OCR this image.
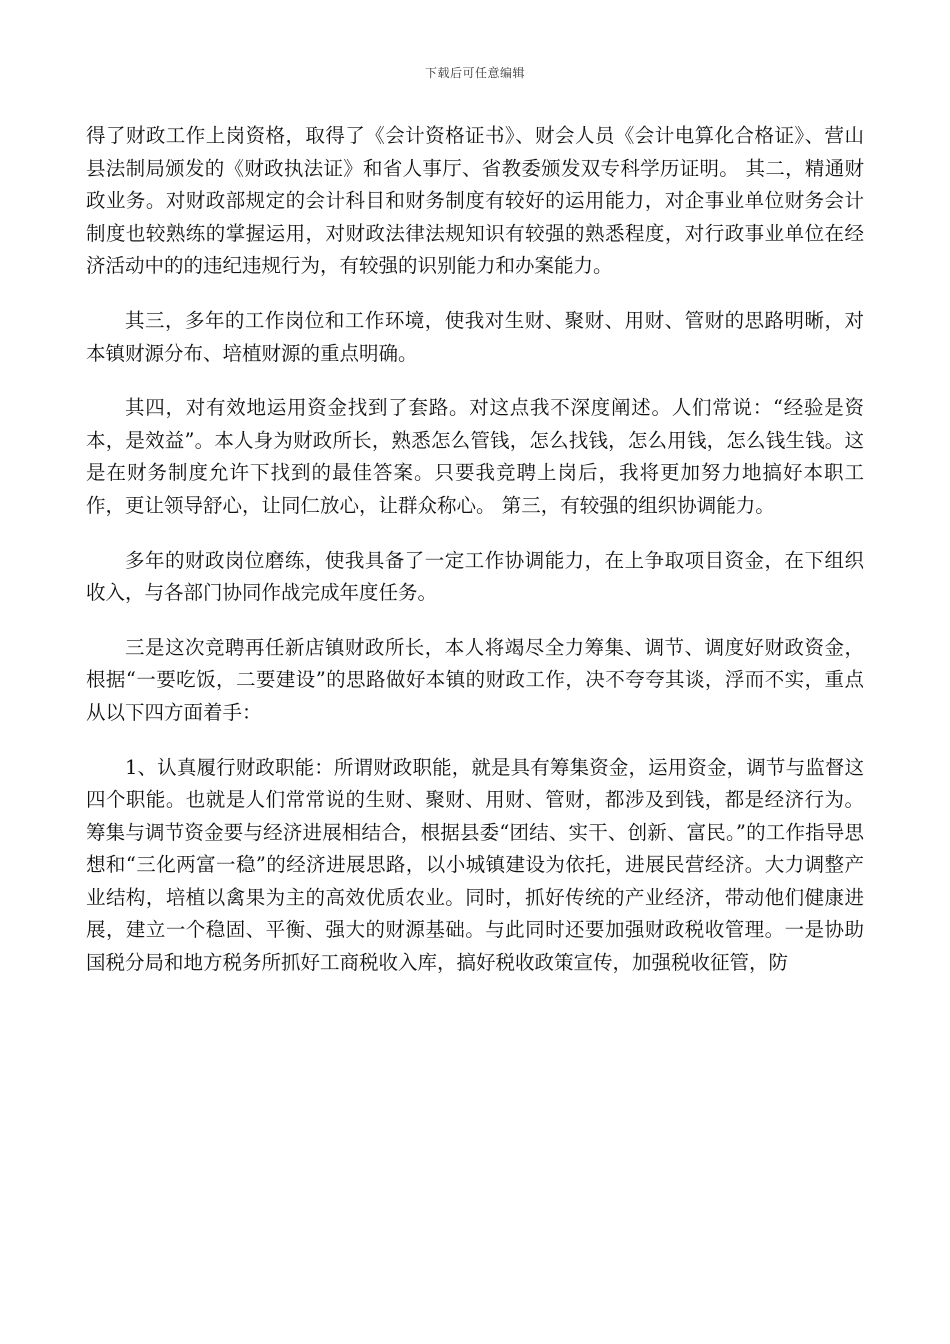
下载后可任意编辑

得了财政工作上岗资格，取得了《会计资格证书》、财会人员《会计电算化合格证》、营山县法制局颁发的《财政执法证》和省人事厅、省教委颁发双专科学历证明。 其二，精通财政业务。对财政部规定的会计科目和财务制度有较好的运用能力，对企事业单位财务会计制度也较熟练的掌握运用，对财政法律法规知识有较强的熟悉程度，对行政事业单位在经济活动中的的违纪违规行为，有较强的识别能力和办案能力。

其三，多年的工作岗位和工作环境，使我对生财、聚财、用财、管财的思路明晰，对本镇财源分布、培植财源的重点明确。

其四，对有效地运用资金找到了套路。对这点我不深度阐述。人们常说：“经验是资本，是效益”。本人身为财政所长，熟悉怎么管钱，怎么找钱，怎么用钱，怎么钱生钱。这是在财务制度允许下找到的最佳答案。只要我竞聘上岗后，我将更加努力地搞好本职工作，更让领导舒心，让同仁放心，让群众称心。 第三，有较强的组织协调能力。

多年的财政岗位磨练，使我具备了一定工作协调能力，在上争取项目资金，在下组织收入，与各部门协同作战完成年度任务。

三是这次竞聘再任新店镇财政所长，本人将竭尽全力筹集、调节、调度好财政资金，根据“一要吃饭，二要建设”的思路做好本镇的财政工作，决不夸夸其谈，浮而不实，重点从以下四方面着手：

1、认真履行财政职能：所谓财政职能，就是具有筹集资金，运用资金，调节与监督这四个职能。也就是人们常常说的生财、聚财、用财、管财，都涉及到钱，都是经济行为。筹集与调节资金要与经济进展相结合，根据县委“团结、实干、创新、富民。”的工作指导思想和“三化两富一稳”的经济进展思路，以小城镇建设为依托，进展民营经济。大力调整产业结构，培植以禽果为主的高效优质农业。同时，抓好传统的产业经济，带动他们健康进展，建立一个稳固、平衡、强大的财源基础。与此同时还要加强财政税收管理。一是协助国税分局和地方税务所抓好工商税收入库，搞好税收政策宣传，加强税收征管，防
